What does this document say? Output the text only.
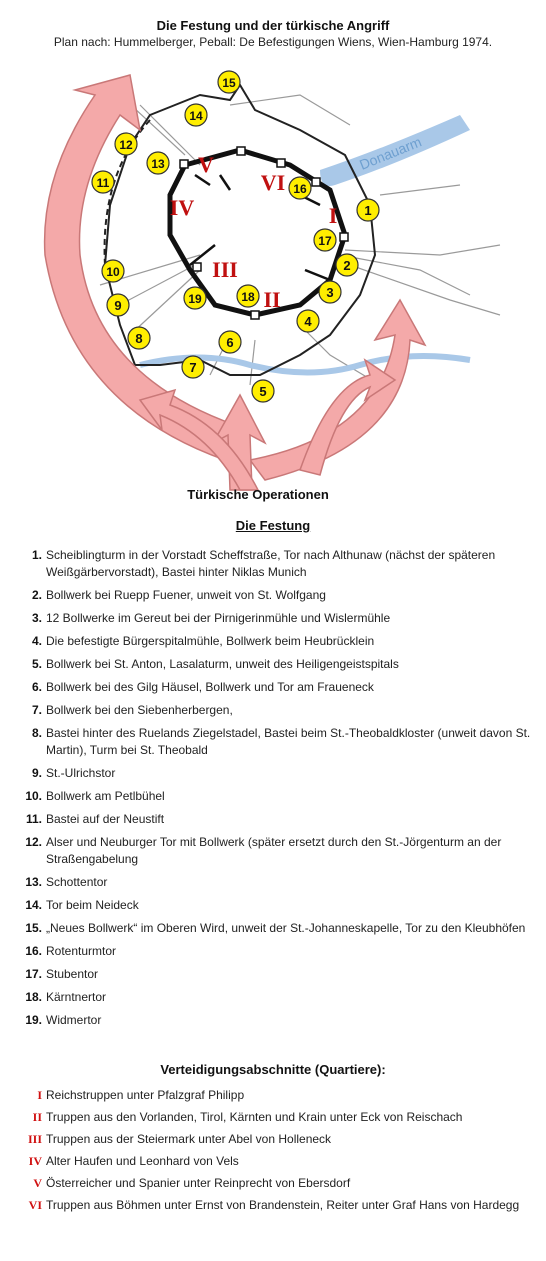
Die Festung und der türkische Angriff
Plan nach: Hummelberger, Peball: De Befestigungen Wiens, Wien-Hamburg 1974.
Donauarm
I
II
III
IV
V
VI
1
2
3
4
5
6
7
8
9
10
11
12
13
14
15
16
17
18
19
Türkische Operationen
Die Festung
1. Scheiblingturm in der Vorstadt Scheffstraße, Tor nach Althunaw (nächst der späteren Weißgärbervorstadt), Bastei hinter Niklas Munich
2. Bollwerk bei Ruepp Fuener, unweit von St. Wolfgang
3. 12 Bollwerke im Gereut bei der Pirnigerinmühle und Wislermühle
4. Die befestigte Bürgerspitalmühle, Bollwerk beim Heubrücklein
5. Bollwerk bei St. Anton, Lasalaturm, unweit des Heiligengeistspitals
6. Bollwerk bei des Gilg Häusel, Bollwerk und Tor am Fraueneck
7. Bollwerk bei den Siebenherbergen,
8. Bastei hinter des Ruelands Ziegelstadel, Bastei beim St.-Theobaldkloster (unweit davon St. Martin), Turm bei St. Theobald
9. St.-Ulrichstor
10. Bollwerk am Petlbühel
11. Bastei auf der Neustift
12. Alser und Neuburger Tor mit Bollwerk (später ersetzt durch den St.-Jörgenturm an der Straßengabelung
13. Schottentor
14. Tor beim Neideck
15. „Neues Bollwerk“ im Oberen Wird, unweit der St.-Johanneskapelle, Tor zu den Kleubhöfen
16. Rotenturmtor
17. Stubentor
18. Kärntnertor
19. Widmertor
Verteidigungsabschnitte (Quartiere):
I Reichstruppen unter Pfalzgraf Philipp
II Truppen aus den Vorlanden, Tirol, Kärnten und Krain unter Eck von Reischach
III Truppen aus der Steiermark unter Abel von Holleneck
IV Alter Haufen und Leonhard von Vels
V Österreicher und Spanier unter Reinprecht von Ebersdorf
VI Truppen aus Böhmen unter Ernst von Brandenstein, Reiter unter Graf Hans von Hardegg
